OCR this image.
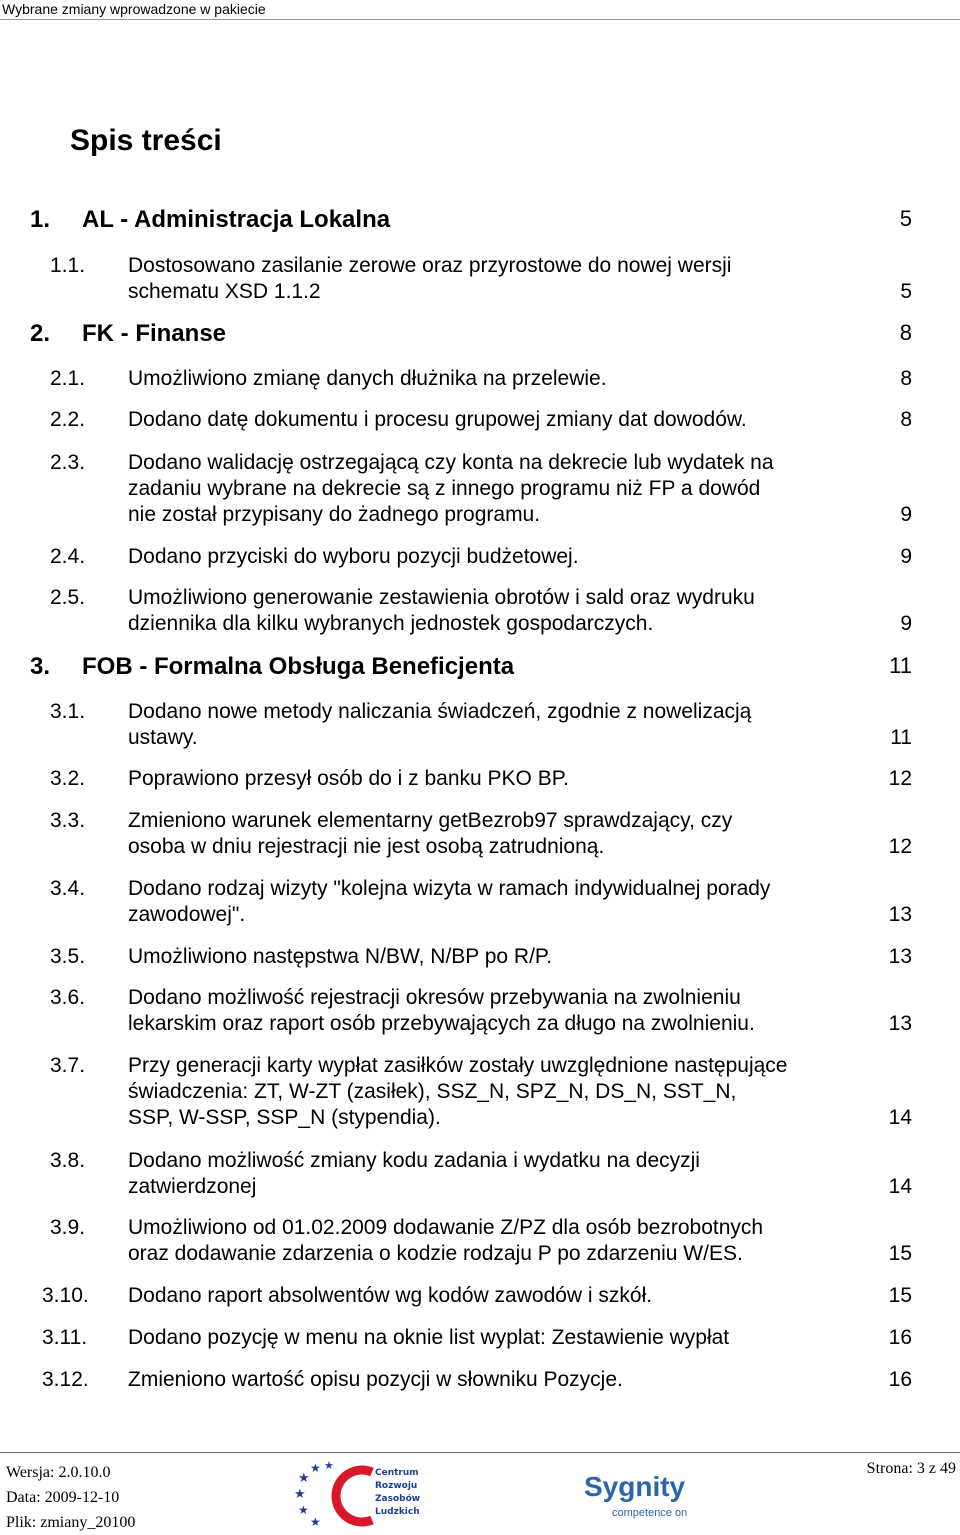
Wybrane zmiany wprowadzone w pakiecie
Spis treści
1. AL - Administracja Lokalna	5
1.1. Dostosowano zasilanie zerowe oraz przyrostowe do nowej wersji
schematu XSD 1.1.2	5
2. FK - Finanse	8
2.1. Umożliwiono zmianę danych dłużnika na przelewie.	8
2.2. Dodano datę dokumentu i procesu grupowej zmiany dat dowodów.	8
2.3. Dodano walidację ostrzegającą czy konta na dekrecie lub wydatek na
zadaniu wybrane na dekrecie są z innego programu niż FP a dowód
nie został przypisany do żadnego programu.	9
2.4. Dodano przyciski do wyboru pozycji budżetowej.	9
2.5. Umożliwiono generowanie zestawienia obrotów i sald oraz wydruku
dziennika dla kilku wybranych jednostek gospodarczych.	9
3. FOB - Formalna Obsługa Beneficjenta	11
3.1. Dodano nowe metody naliczania świadczeń, zgodnie z nowelizacją
ustawy.	11
3.2. Poprawiono przesył osób do i z banku PKO BP.	12
3.3. Zmieniono warunek elementarny getBezrob97 sprawdzający, czy
osoba w dniu rejestracji nie jest osobą zatrudnioną.	12
3.4. Dodano rodzaj wizyty "kolejna wizyta w ramach indywidualnej porady
zawodowej".	13
3.5. Umożliwiono następstwa N/BW, N/BP po R/P.	13
3.6. Dodano możliwość rejestracji okresów przebywania na zwolnieniu
lekarskim oraz raport osób przebywających za długo na zwolnieniu.	13
3.7. Przy generacji karty wypłat zasiłków zostały uwzględnione następujące
świadczenia: ZT, W-ZT (zasiłek), SSZ_N, SPZ_N, DS_N, SST_N,
SSP, W-SSP, SSP_N (stypendia).	14
3.8. Dodano możliwość zmiany kodu zadania i wydatku na decyzji
zatwierdzonej	14
3.9. Umożliwiono od 01.02.2009 dodawanie Z/PZ dla osób bezrobotnych
oraz dodawanie zdarzenia o kodzie rodzaju P po zdarzeniu W/ES.	15
3.10. Dodano raport absolwentów wg kodów zawodów i szkół.	15
3.11. Dodano pozycję w menu na oknie list wyplat: Zestawienie wypłat	16
3.12. Zmieniono wartość opisu pozycji w słowniku Pozycje.	16
Wersja: 2.0.10.0
Data: 2009-12-10
Plik: zmiany_20100
★
★ ★
★
★
★
Centrum
Rozwoju
Zasobów
Ludzkich
Sygnity
competence on
Strona: 3 z 49
